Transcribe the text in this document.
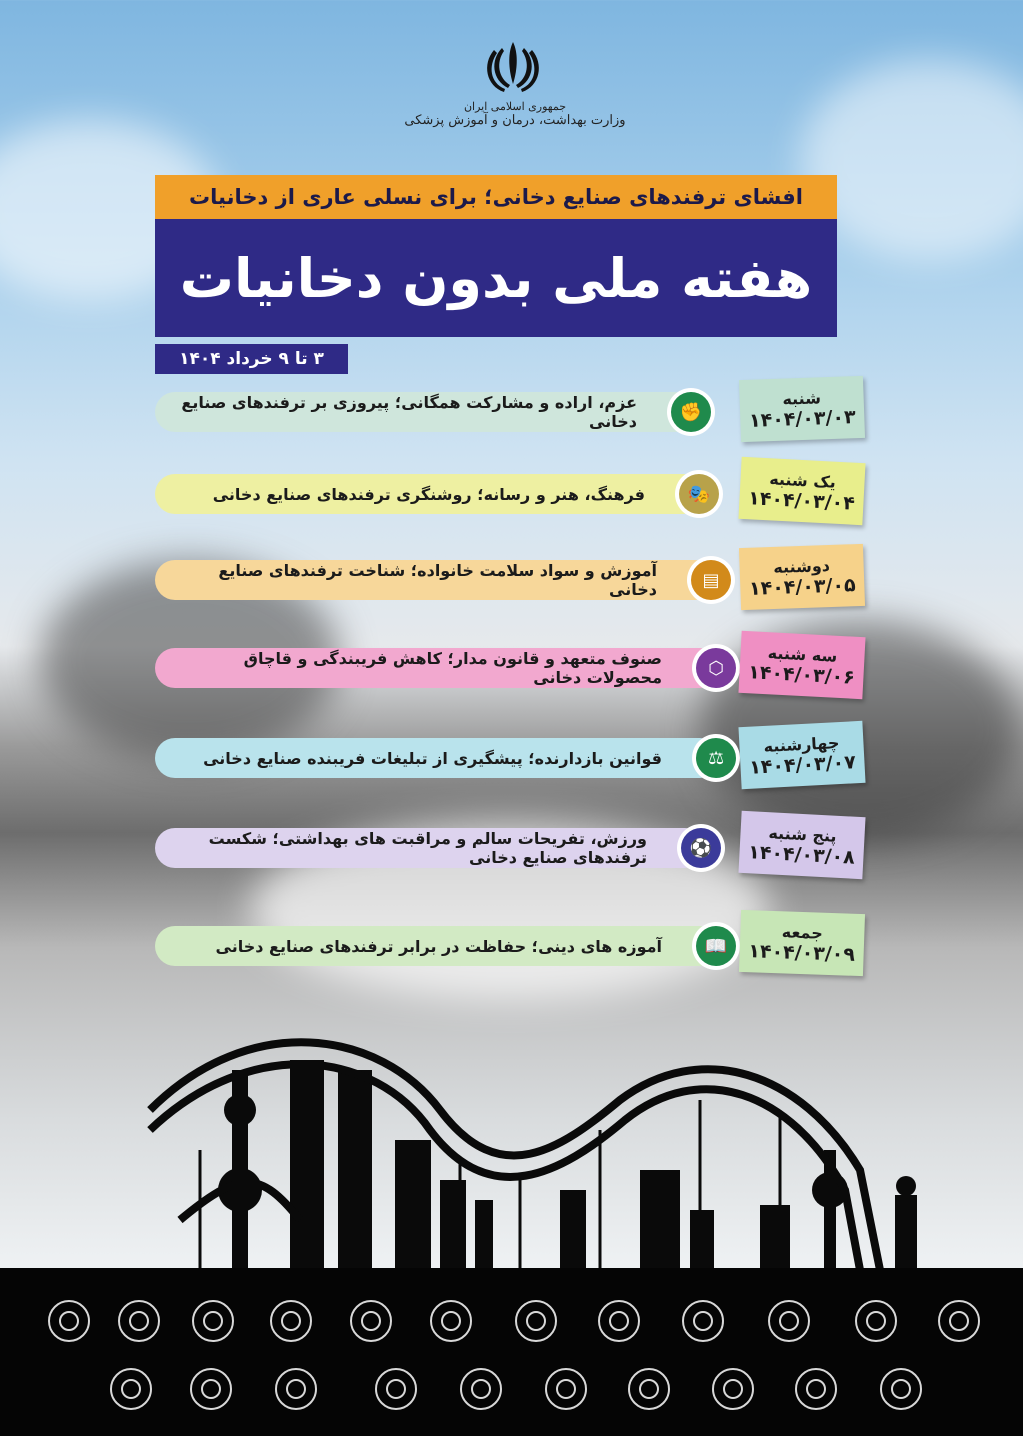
جمهوری اسلامی ایران
وزارت بهداشت، درمان و آموزش پزشکی
افشای ترفندهای صنایع دخانی؛ برای نسلی عاری از دخانیات
هفته ملی بدون دخانیات
۳ تا ۹ خرداد ۱۴۰۴
عزم، اراده و مشارکت همگانی؛ پیروزی بر ترفندهای صنایع دخانی	✊
شنبه
۱۴۰۴/۰۳/۰۳
فرهنگ، هنر و رسانه؛ روشنگری ترفندهای صنایع دخانی	🎭
یک شنبه
۱۴۰۴/۰۳/۰۴
آموزش و سواد سلامت خانواده؛ شناخت ترفندهای صنایع دخانی	▤
دوشنبه
۱۴۰۴/۰۳/۰۵
صنوف متعهد و قانون مدار؛ کاهش فریبندگی و قاچاق محصولات دخانی	⬡
سه شنبه
۱۴۰۴/۰۳/۰۶
قوانین بازدارنده؛ پیشگیری از تبلیغات فریبنده صنایع دخانی	⚖
چهارشنبه
۱۴۰۴/۰۳/۰۷
ورزش، تفریحات سالم و مراقبت های بهداشتی؛ شکست ترفندهای صنایع دخانی	⚽
پنج شنبه
۱۴۰۴/۰۳/۰۸
آموزه های دینی؛ حفاظت در برابر ترفندهای صنایع دخانی	📖
جمعه
۱۴۰۴/۰۳/۰۹
